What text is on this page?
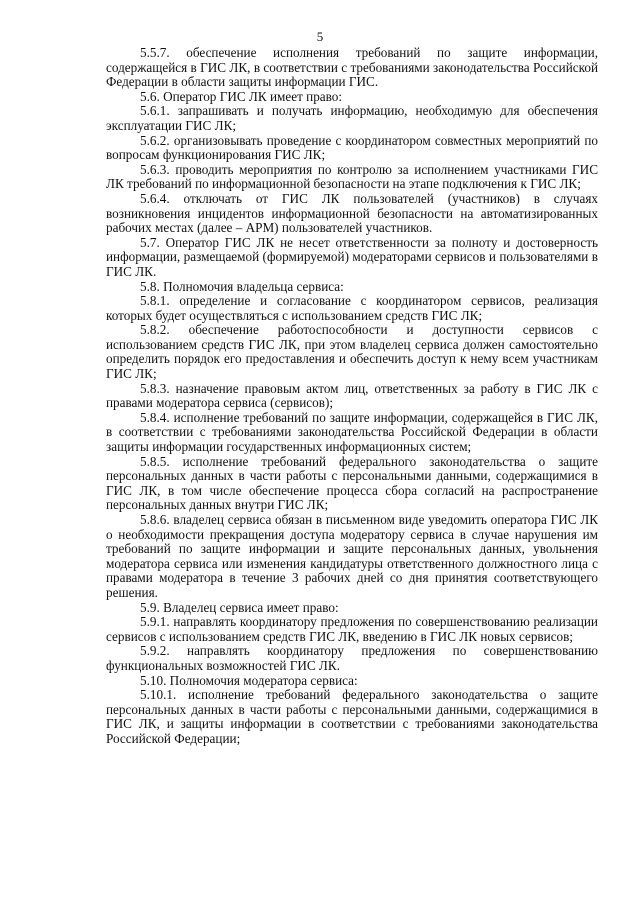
5

5.5.7. обеспечение исполнения требований по защите информации, содержащейся в ГИС ЛК, в соответствии с требованиями законодательства Российской Федерации в области защиты информации ГИС.

5.6. Оператор ГИС ЛК имеет право:

5.6.1. запрашивать и получать информацию, необходимую для обеспечения эксплуатации ГИС ЛК;

5.6.2. организовывать проведение с координатором совместных мероприятий по вопросам функционирования ГИС ЛК;

5.6.3. проводить мероприятия по контролю за исполнением участниками ГИС ЛК требований по информационной безопасности на этапе подключения к ГИС ЛК;

5.6.4. отключать от ГИС ЛК пользователей (участников) в случаях возникновения инцидентов информационной безопасности на автоматизированных рабочих местах (далее – АРМ) пользователей участников.

5.7. Оператор ГИС ЛК не несет ответственности за полноту и достоверность информации, размещаемой (формируемой) модераторами сервисов и пользователями в ГИС ЛК.

5.8. Полномочия владельца сервиса:

5.8.1. определение и согласование с координатором сервисов, реализация которых будет осуществляться с использованием средств ГИС ЛК;

5.8.2. обеспечение работоспособности и доступности сервисов с использованием средств ГИС ЛК, при этом владелец сервиса должен самостоятельно определить порядок его предоставления и обеспечить доступ к нему всем участникам ГИС ЛК;

5.8.3. назначение правовым актом лиц, ответственных за работу в ГИС ЛК с правами модератора сервиса (сервисов);

5.8.4. исполнение требований по защите информации, содержащейся в ГИС ЛК, в соответствии с требованиями законодательства Российской Федерации в области защиты информации государственных информационных систем;

5.8.5. исполнение требований федерального законодательства о защите персональных данных в части работы с персональными данными, содержащимися в ГИС ЛК, в том числе обеспечение процесса сбора согласий на распространение персональных данных внутри ГИС ЛК;

5.8.6. владелец сервиса обязан в письменном виде уведомить оператора ГИС ЛК о необходимости прекращения доступа модератору сервиса в случае нарушения им требований по защите информации и защите персональных данных, увольнения модератора сервиса или изменения кандидатуры ответственного должностного лица с правами модератора в течение 3 рабочих дней со дня принятия соответствующего решения.

5.9. Владелец сервиса имеет право:

5.9.1. направлять координатору предложения по совершенствованию реализации сервисов с использованием средств ГИС ЛК, введению в ГИС ЛК новых сервисов;

5.9.2. направлять координатору предложения по совершенствованию функциональных возможностей ГИС ЛК.

5.10. Полномочия модератора сервиса:

5.10.1. исполнение требований федерального законодательства о защите персональных данных в части работы с персональными данными, содержащимися в ГИС ЛК, и защиты информации в соответствии с требованиями законодательства Российской Федерации;
